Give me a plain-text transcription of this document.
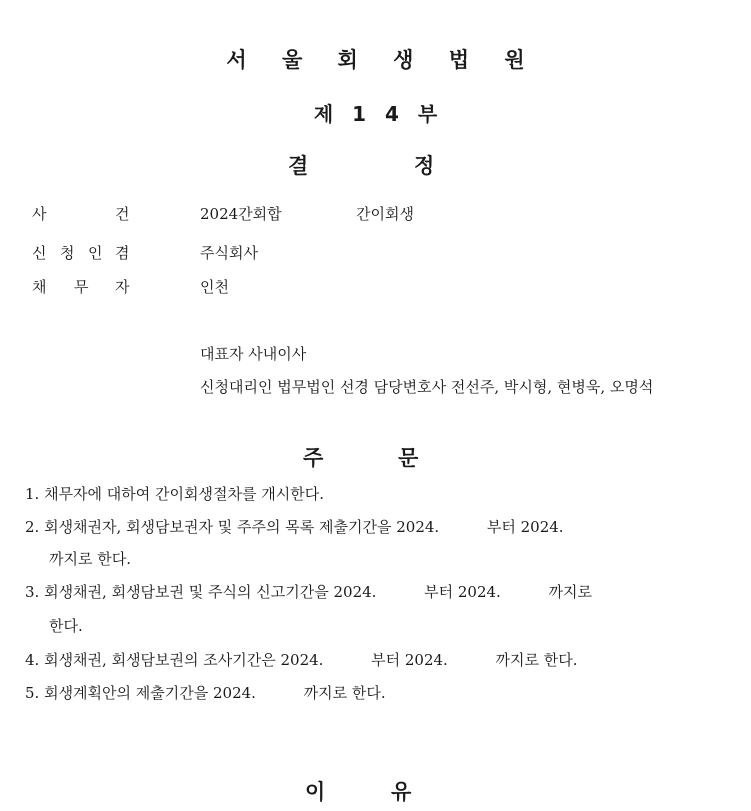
서 울 회 생 법 원
제 1 4 부
결	정
사	건	2024간회합	간이회생
신 청 인 겸	주식회사
채 무 자	인천
대표자 사내이사
신청대리인 법무법인 선경 담당변호사 전선주, 박시형, 현병욱, 오명석
주	문
1. 채무자에 대하여 간이회생절차를 개시한다.
2. 회생채권자, 회생담보권자 및 주주의 목록 제출기간을 2024.          부터 2024.
까지로 한다.
3. 회생채권, 회생담보권 및 주식의 신고기간을 2024.          부터 2024.          까지로
한다.
4. 회생채권, 회생담보권의 조사기간은 2024.          부터 2024.          까지로 한다.
5. 회생계획안의 제출기간을 2024.          까지로 한다.
이	유
